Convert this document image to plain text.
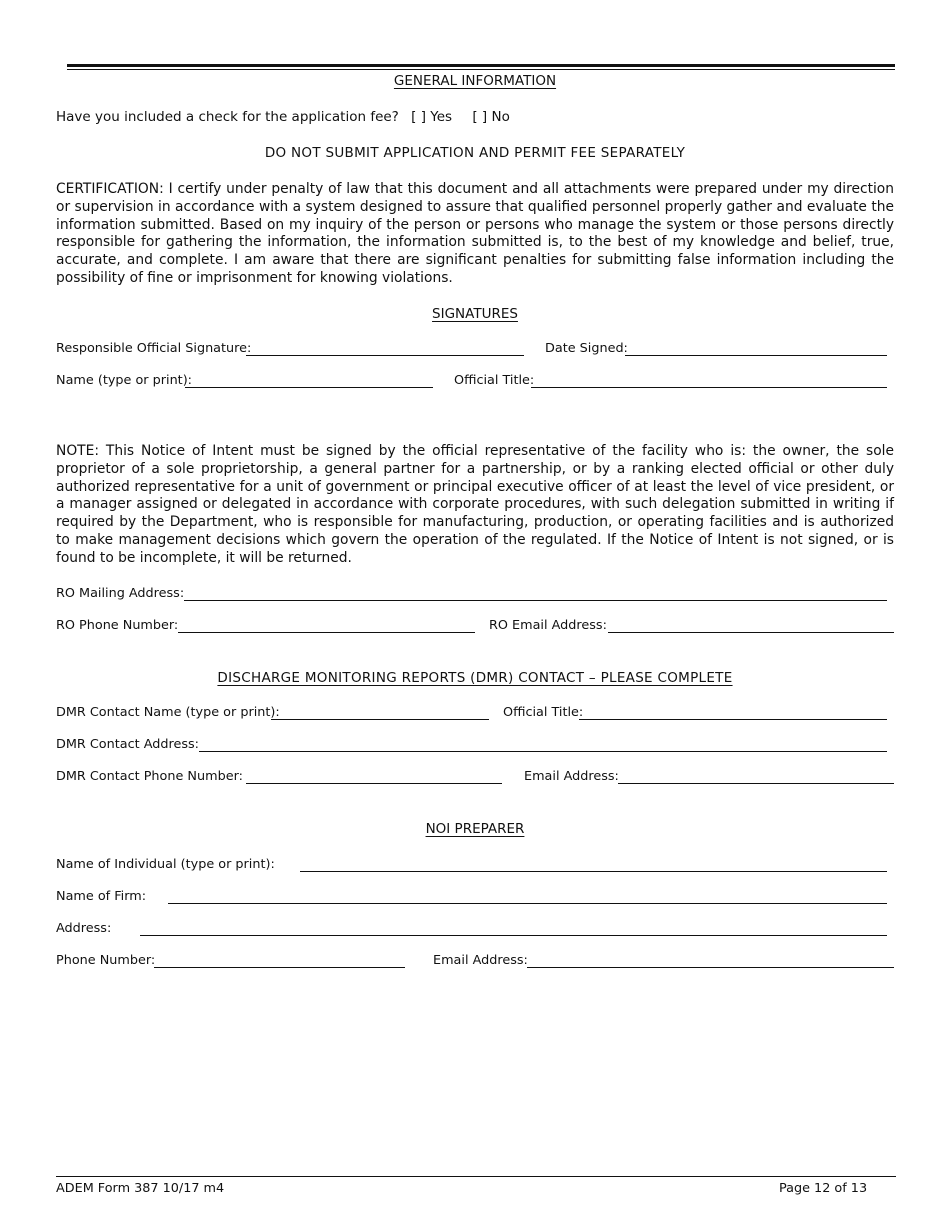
GENERAL INFORMATION
Have you included a check for the application fee? [ ] Yes [ ] No
DO NOT SUBMIT APPLICATION AND PERMIT FEE SEPARATELY
CERTIFICATION: I certify under penalty of law that this document and all attachments were prepared under my direction or supervision in accordance with a system designed to assure that qualified personnel properly gather and evaluate the information submitted. Based on my inquiry of the person or persons who manage the system or those persons directly responsible for gathering the information, the information submitted is, to the best of my knowledge and belief, true, accurate, and complete. I am aware that there are significant penalties for submitting false information including the possibility of fine or imprisonment for knowing violations.
SIGNATURES
Responsible Official Signature:	Date Signed:
Name (type or print):	Official Title:
NOTE: This Notice of Intent must be signed by the official representative of the facility who is: the owner, the sole proprietor of a sole proprietorship, a general partner for a partnership, or by a ranking elected official or other duly authorized representative for a unit of government or principal executive officer of at least the level of vice president, or a manager assigned or delegated in accordance with corporate procedures, with such delegation submitted in writing if required by the Department, who is responsible for manufacturing, production, or operating facilities and is authorized to make management decisions which govern the operation of the regulated. If the Notice of Intent is not signed, or is found to be incomplete, it will be returned.
RO Mailing Address:
RO Phone Number:	RO Email Address:
DISCHARGE MONITORING REPORTS (DMR) CONTACT – PLEASE COMPLETE
DMR Contact Name (type or print):	Official Title:
DMR Contact Address:
DMR Contact Phone Number:	Email Address:
NOI PREPARER
Name of Individual (type or print):
Name of Firm:
Address:
Phone Number:	Email Address:
ADEM Form 387 10/17 m4	Page 12 of 13
